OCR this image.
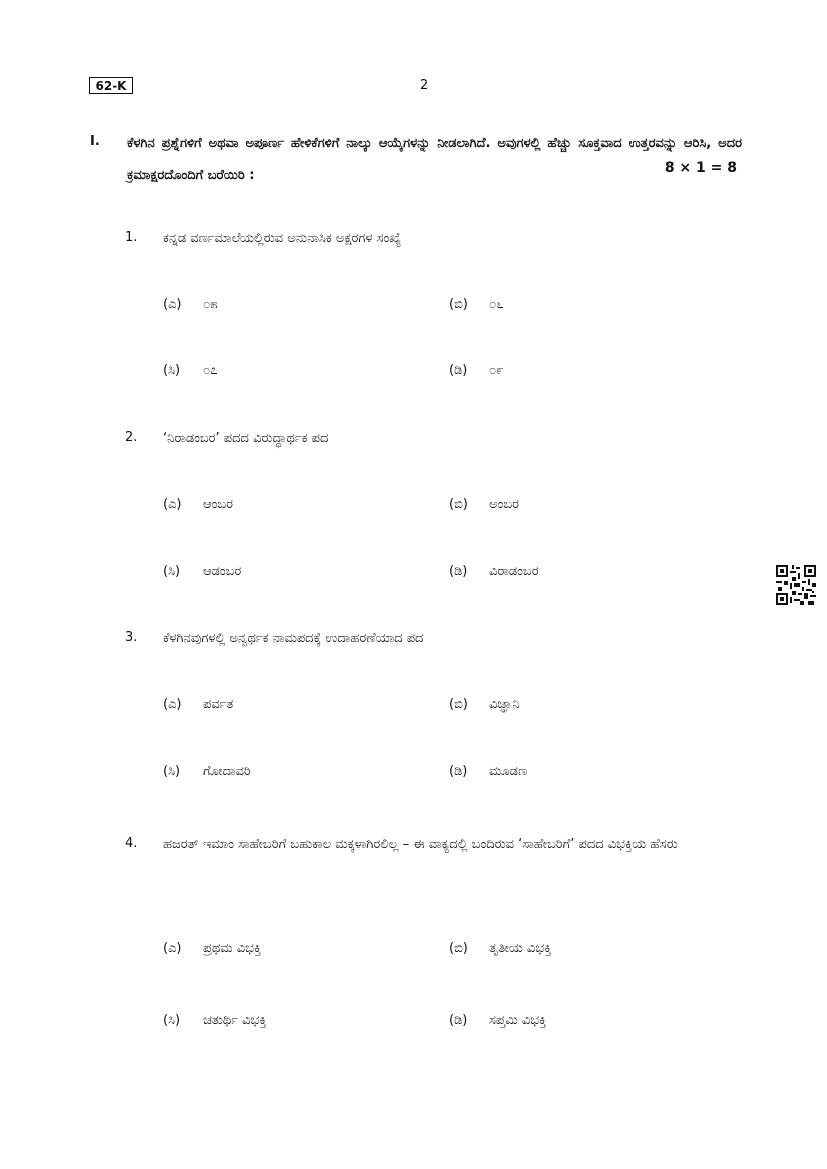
62-K	2
I. ಕೆಳಗಿನ ಪ್ರಶ್ನೆಗಳಿಗೆ ಅಥವಾ ಅಪೂರ್ಣ ಹೇಳಿಕೆಗಳಿಗೆ ನಾಲ್ಕು ಆಯ್ಕೆಗಳನ್ನು ನೀಡಲಾಗಿದೆ. ಅವುಗಳಲ್ಲಿ ಹೆಚ್ಚು ಸೂಕ್ತವಾದ ಉತ್ತರವನ್ನು ಆರಿಸಿ, ಅದರ ಕ್ರಮಾಕ್ಷರದೊಂದಿಗೆ ಬರೆಯಿರಿ :	8 × 1 = 8
1. ಕನ್ನಡ ವರ್ಣಮಾಲೆಯಲ್ಲಿರುವ ಅನುನಾಸಿಕ ಅಕ್ಷರಗಳ ಸಂಖ್ಯೆ
(ಎ) ೦೫	(ಬಿ) ೦೬
(ಸಿ) ೦೭	(ಡಿ) ೦೯
2. ‘ನಿರಾಡಂಬರ’ ಪದದ ವಿರುದ್ಧಾರ್ಥಕ ಪದ
(ಎ) ಆಂಬರ	(ಬಿ) ಅಂಬರ
(ಸಿ) ಆಡಂಬರ	(ಡಿ) ವಿರಾಡಂಬರ
3. ಕೆಳಗಿನವುಗಳಲ್ಲಿ ಅನ್ವರ್ಥಕ ನಾಮಪದಕ್ಕೆ ಉದಾಹರಣೆಯಾದ ಪದ
(ಎ) ಪರ್ವತ	(ಬಿ) ವಿಜ್ಞಾನಿ
(ಸಿ) ಗೋದಾವರಿ	(ಡಿ) ಮೂಡಣ
4. ಹಜರತ್ ಇಮಾಂ ಸಾಹೇಬರಿಗೆ ಬಹುಕಾಲ ಮಕ್ಕಳಾಗಿರಲಿಲ್ಲ – ಈ ವಾಕ್ಯದಲ್ಲಿ ಬಂದಿರುವ ‘ಸಾಹೇಬರಿಗೆ’ ಪದದ ವಿಭಕ್ತಿಯ ಹೆಸರು
(ಎ) ಪ್ರಥಮ ವಿಭಕ್ತಿ	(ಬಿ) ತೃತೀಯ ವಿಭಕ್ತಿ
(ಸಿ) ಚತುರ್ಥಿ ವಿಭಕ್ತಿ	(ಡಿ) ಸಪ್ತಮಿ ವಿಭಕ್ತಿ
